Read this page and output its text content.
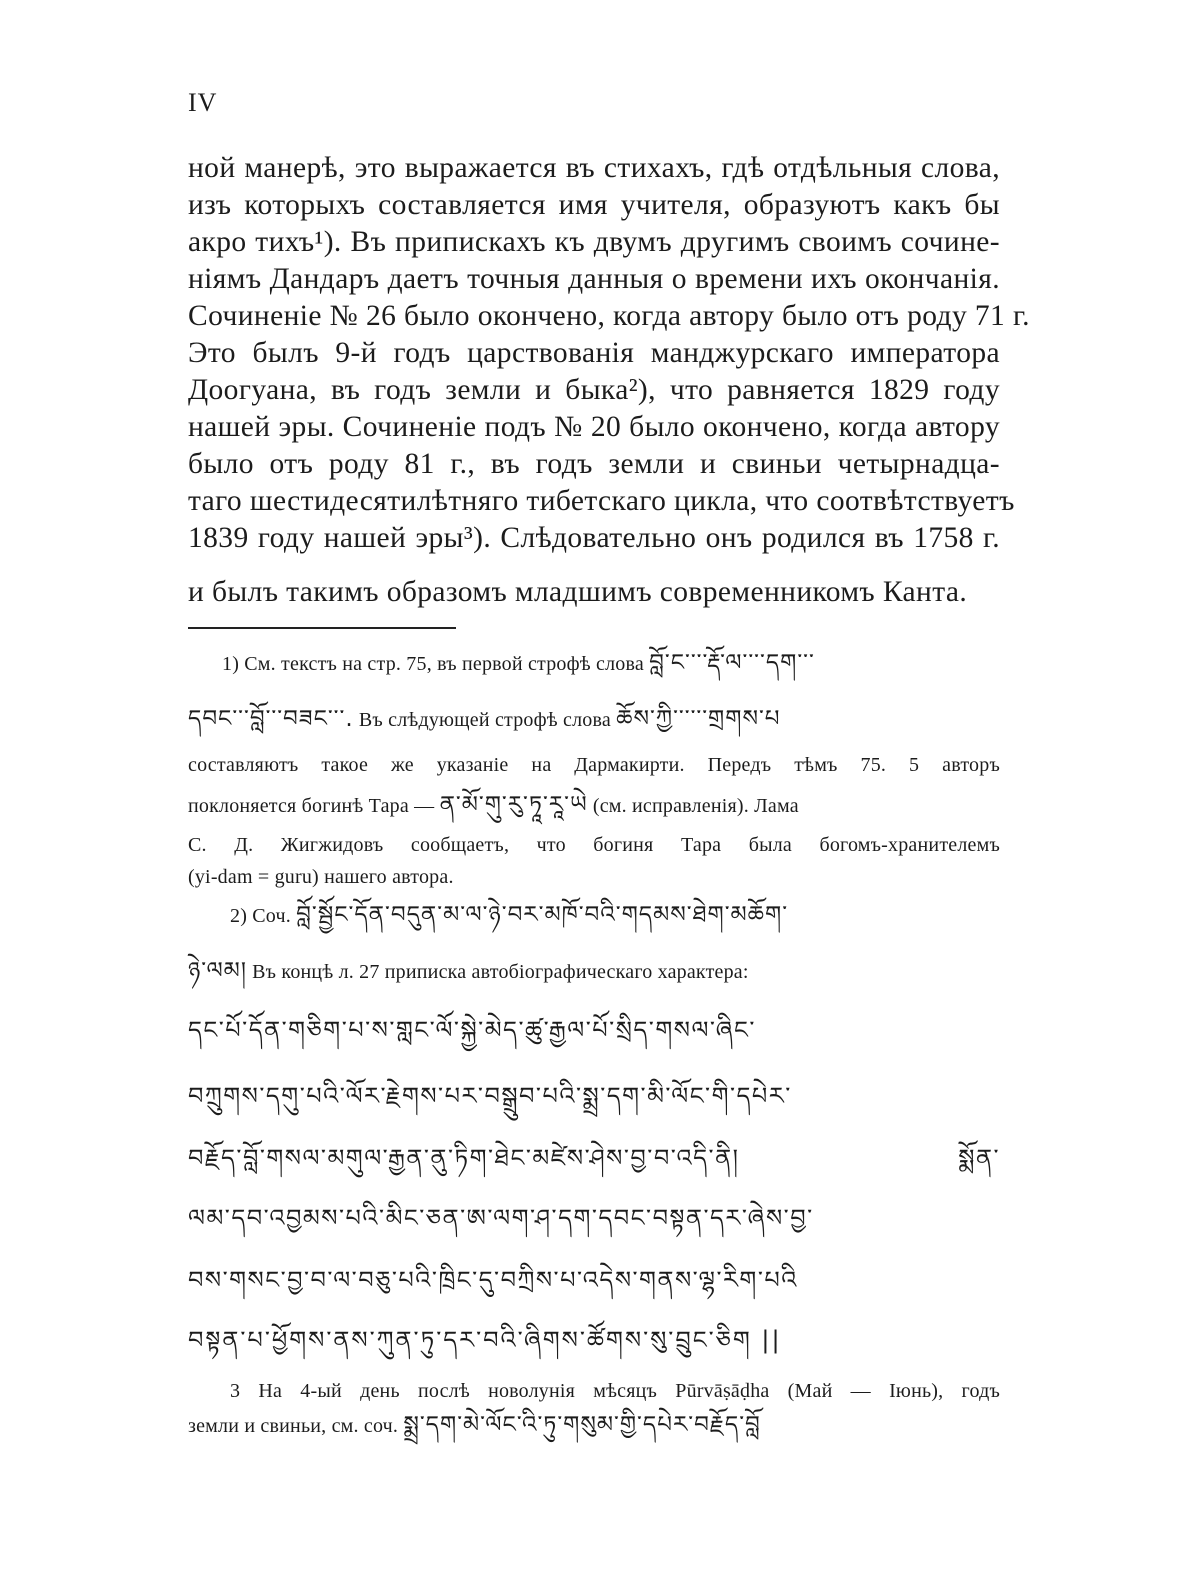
IV
ной манерѣ, это выражается въ стихахъ, гдѣ отдѣльныя слова,
изъ которыхъ составляется имя учителя, образуютъ какъ бы
акро тихъ¹). Въ припискахъ къ двумъ другимъ своимъ сочине-
ніямъ Дандаръ даетъ точныя данныя о времени ихъ окончанія.
Сочиненіе № 26 было окончено, когда автору было отъ роду 71 г.
Это былъ 9-й годъ царствованія манджурскаго императора
Доогуана, въ годъ земли и быка²), что равняется 1829 году
нашей эры. Сочиненіе подъ № 20 было окончено, когда автору
было отъ роду 81 г., въ годъ земли и свиньи четырнадца-
таго шестидесятилѣтняго тибетскаго цикла, что соотвѣтствуетъ
1839 году нашей эры³). Слѣдовательно онъ родился въ 1758 г.
и былъ такимъ образомъ младшимъ современникомъ Канта.
1) См. текстъ на стр. 75, въ первой строфѣ слова བློ་ང་་་་རྡོ་ལ་་་་དག་་་
དབང་་་བློ་་་བཟང་་་. Въ слѣдующей строфѣ слова ཆོས་ཀྱི་་་་་་གྲགས་པ
составляютъ такое же указаніе на Дармакирти. Передъ тѣмъ 75. 5 авторъ
поклоняется богинѣ Тара — ན་མོ་གུ་རུ་ཏཱ་རཱ་ཡེ (см. исправленія). Лама
С. Д. Жигжидовъ сообщаетъ, что богиня Тара была богомъ-хранителемъ
(yi-dam = guru) нашего автора.
2) Соч. བློ་སྦྱོང་དོན་བདུན་མ་ལ་ཉེ་བར་མཁོ་བའི་གདམས་ཐེག་མཆོག་
ཉེ་ལམ། Въ концѣ л. 27 приписка автобіографическаго характера:
དང་པོ་དོན་གཅིག་པ་ས་གླང་ལོ་སྐྱེ་མེད་ཚུ་རྒྱལ་པོ་སྲིད་གསལ་ཞིང་
བཀྲུགས་དགུ་པའི་ལོར་རྗེགས་པར་བསྒྲུབ་པའི་སྨྲ་དག་མི་ལོང་གི་དཔེར་
བརྗོད་བློ་གསལ་མགུལ་རྒྱན་ནུ་ཏིག་ཐེང་མཛེས་ཤེས་བྱ་བ་འདི་ནི། སྨོན་
ལམ་དབ་འབྱམས་པའི་མིང་ཅན་ཨ་ལག་ཤ་དག་དབང་བསྟན་དར་ཞེས་བྱ་
བས་གསང་བྱ་བ་ལ་བཅུ་པའི་ཁྲིང་དུ་བཀྲིས་པ་འདེས་གནས་ལྷ་རིག་པའི
བསྟན་པ་ཕྱོགས་ནས་ཀུན་ཏུ་དར་བའི་ཞིགས་ཚོགས་སུ་བྲུང་ཅིག ||
3 На 4-ый день послѣ новолунія мѣсяцъ Pūrvāṣāḍha (Май — Іюнь), годъ
земли и свиньи, см. соч. སྨྲ་དག་མེ་ལོང་འི་ཏུ་གསུམ་གྱི་དཔེར་བརྗོད་བློ
